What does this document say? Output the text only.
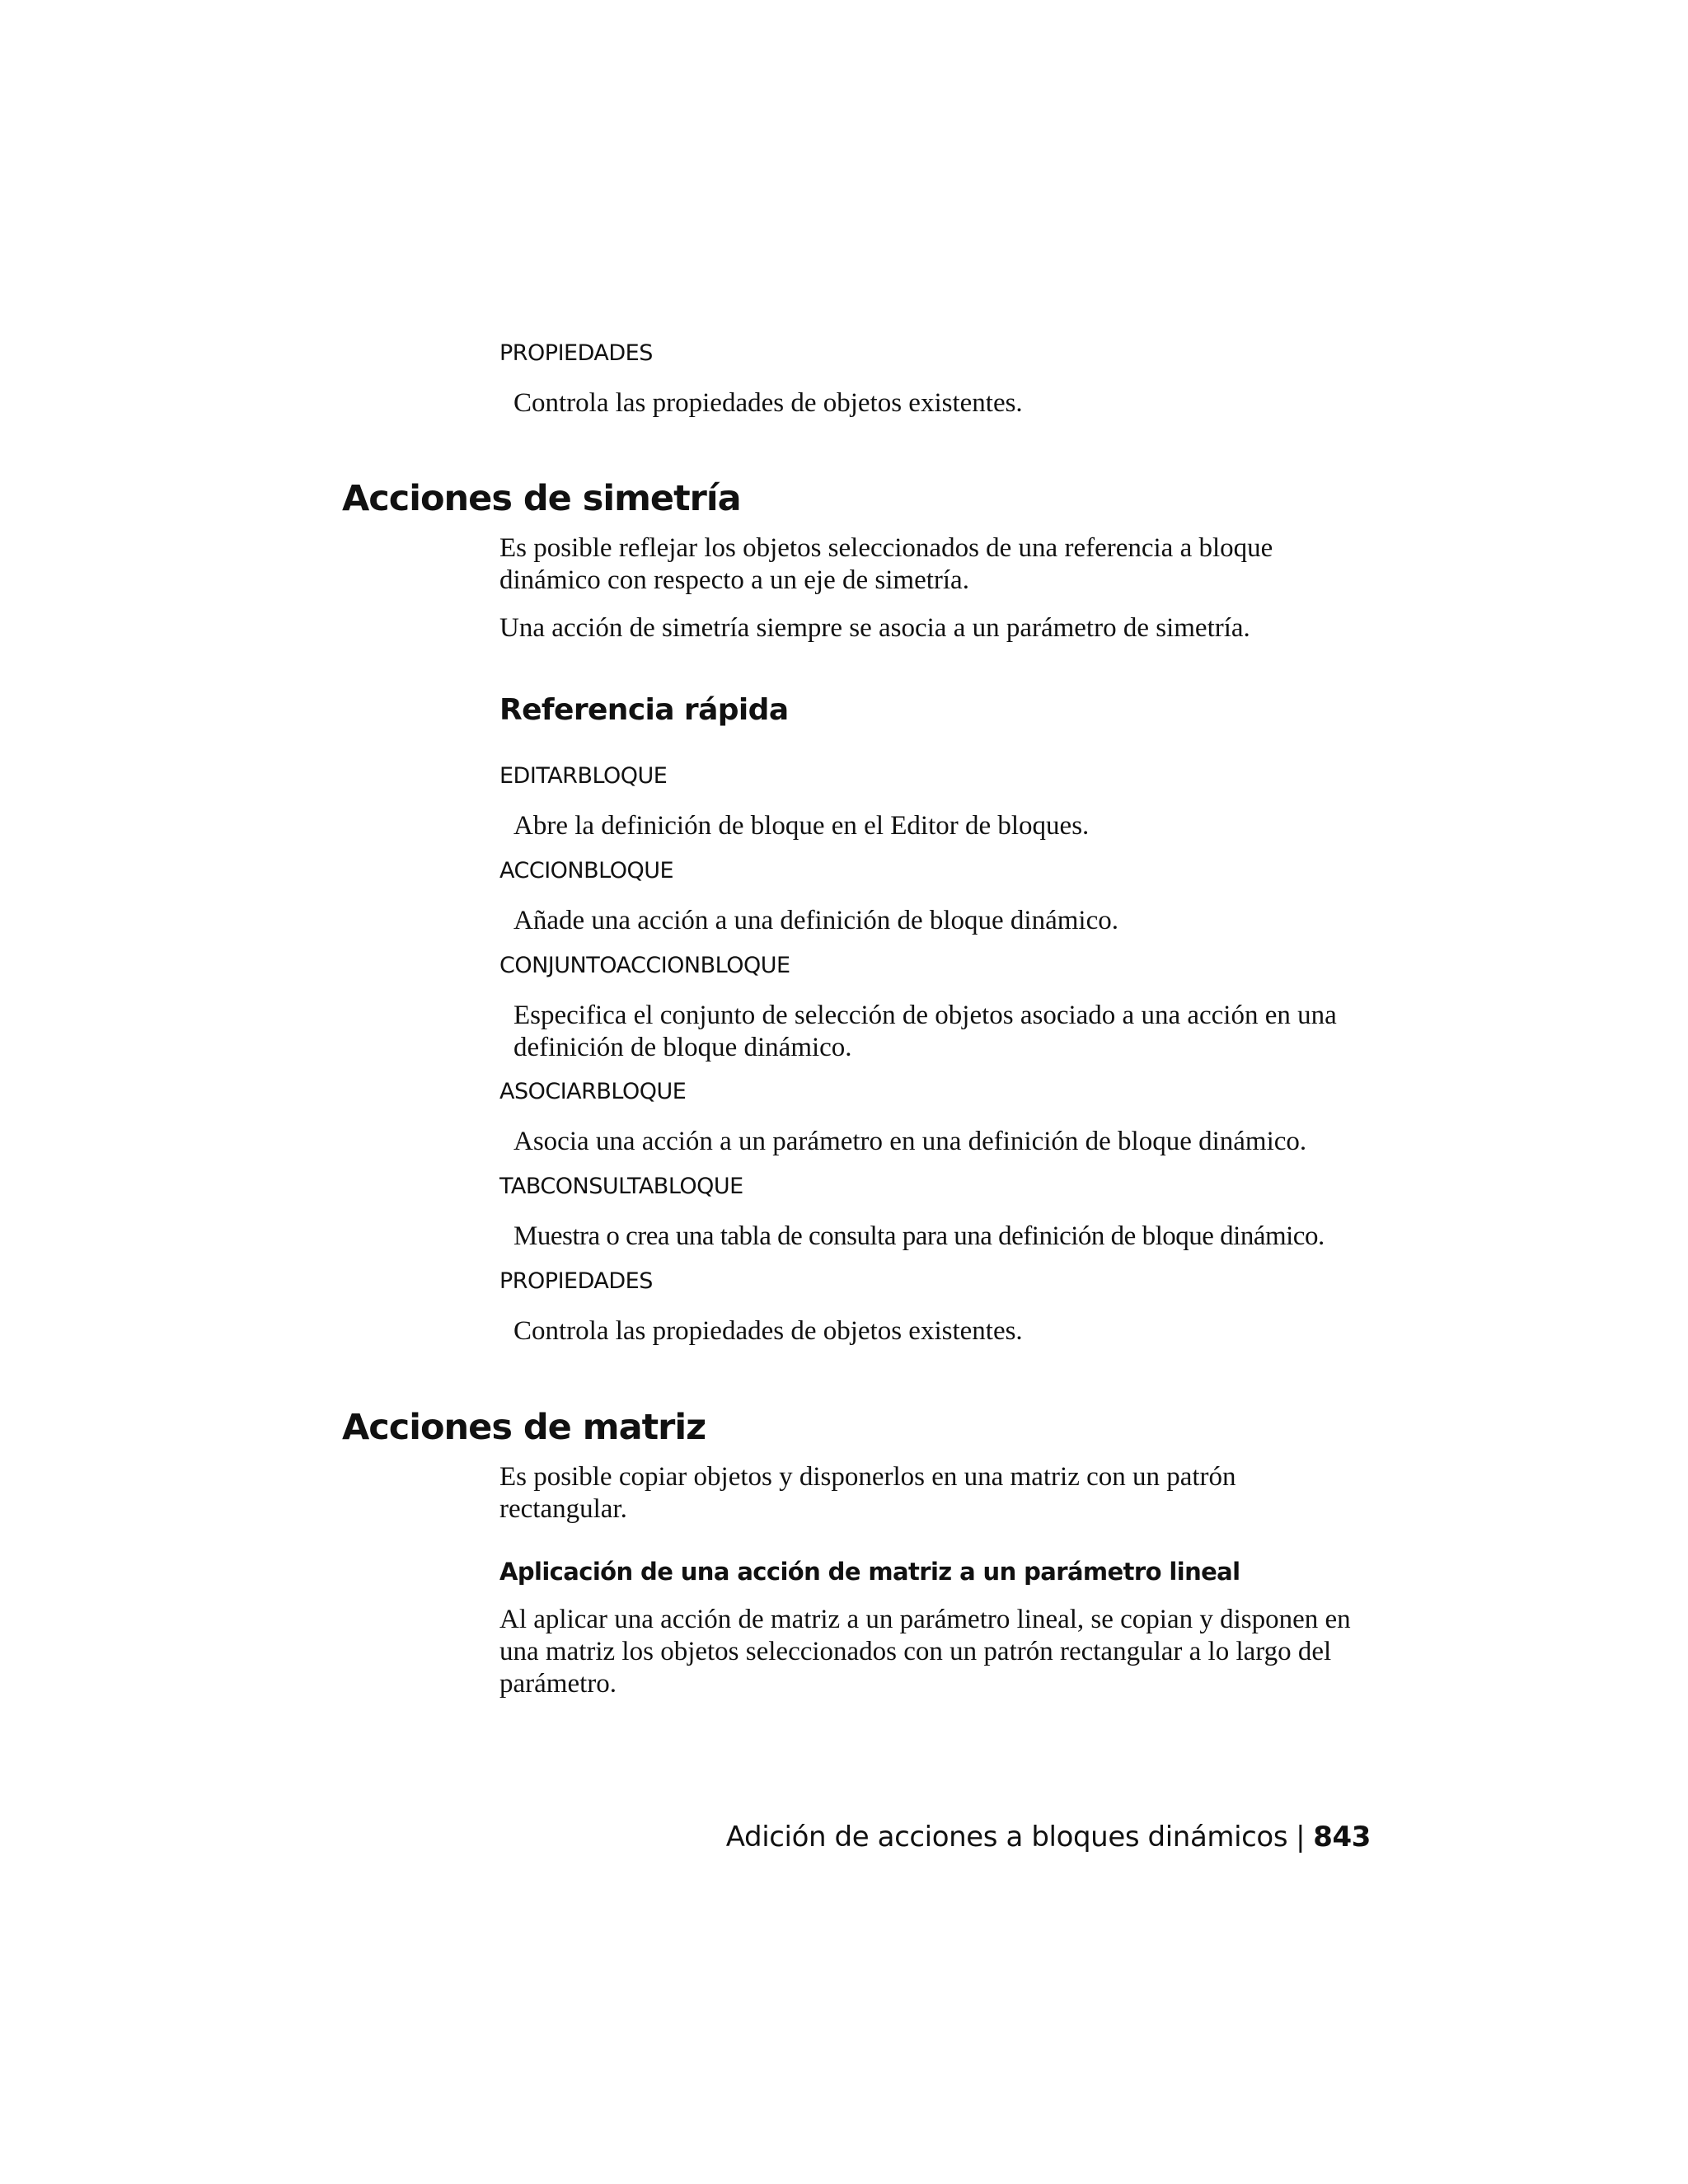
PROPIEDADES
Controla las propiedades de objetos existentes.
Acciones de simetría
Es posible reflejar los objetos seleccionados de una referencia a bloque dinámico con respecto a un eje de simetría.
Una acción de simetría siempre se asocia a un parámetro de simetría.
Referencia rápida
EDITARBLOQUE
Abre la definición de bloque en el Editor de bloques.
ACCIONBLOQUE
Añade una acción a una definición de bloque dinámico.
CONJUNTOACCIONBLOQUE
Especifica el conjunto de selección de objetos asociado a una acción en una definición de bloque dinámico.
ASOCIARBLOQUE
Asocia una acción a un parámetro en una definición de bloque dinámico.
TABCONSULTABLOQUE
Muestra o crea una tabla de consulta para una definición de bloque dinámico.
PROPIEDADES
Controla las propiedades de objetos existentes.
Acciones de matriz
Es posible copiar objetos y disponerlos en una matriz con un patrón rectangular.
Aplicación de una acción de matriz a un parámetro lineal
Al aplicar una acción de matriz a un parámetro lineal, se copian y disponen en una matriz los objetos seleccionados con un patrón rectangular a lo largo del parámetro.
Adición de acciones a bloques dinámicos | 843
